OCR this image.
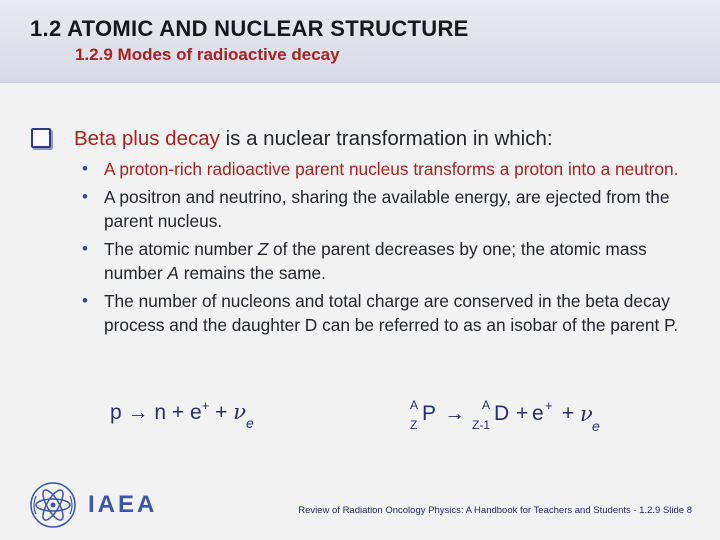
1.2 ATOMIC AND NUCLEAR STRUCTURE
1.2.9 Modes of radioactive decay
Beta plus decay is a nuclear transformation in which:
• A proton-rich radioactive parent nucleus transforms a proton into a neutron.
• A positron and neutrino, sharing the available energy, are ejected from the parent nucleus.
• The atomic number Z of the parent decreases by one; the atomic mass number A remains the same.
• The number of nucleons and total charge are conserved in the beta decay process and the daughter D can be referred to as an isobar of the parent P.
$p \to n + e^+ + \nu_e$
A
Z P → A
Z-1 D + e + + ν e
IAEA	Review of Radiation Oncology Physics: A Handbook for Teachers and Students - 1.2.9 Slide 8
